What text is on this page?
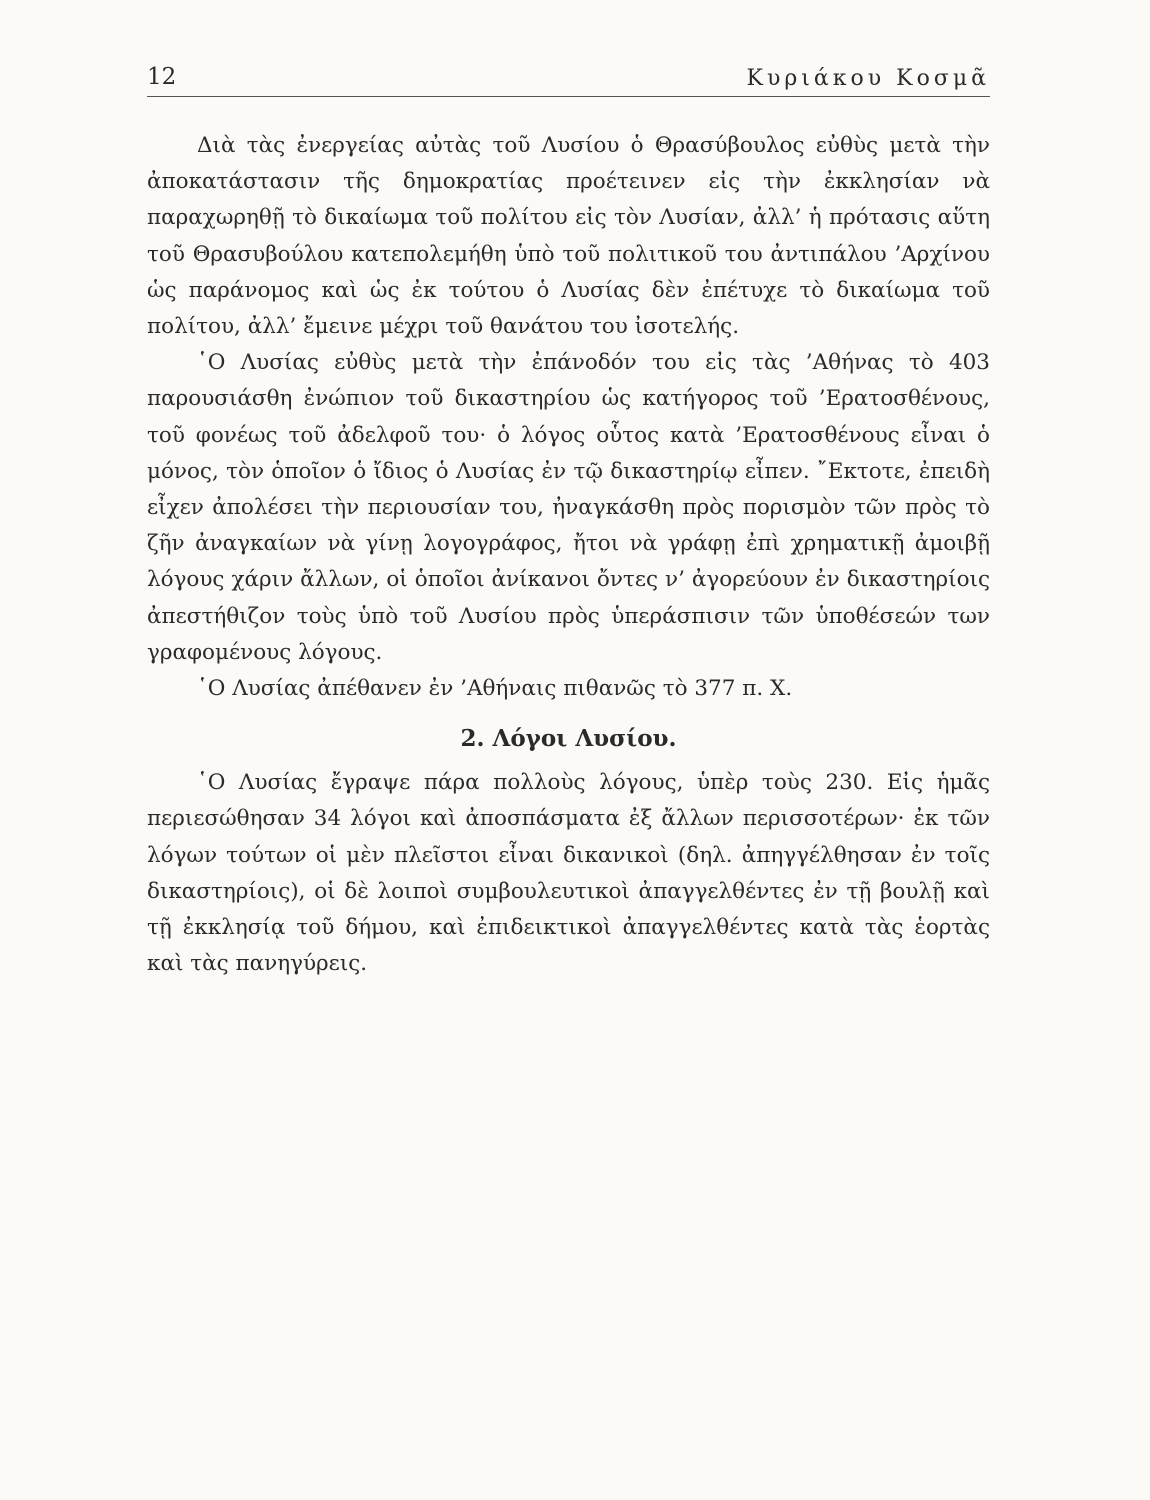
12	Κυριάκου Κοσμᾶ

Διὰ τὰς ἐνεργείας αὐτὰς τοῦ Λυσίου ὁ Θρασύβουλος εὐθὺς μετὰ τὴν ἀποκατάστασιν τῆς δημοκρατίας προέτεινεν εἰς τὴν ἐκκλησίαν νὰ παραχωρηθῇ τὸ δικαίωμα τοῦ πολίτου εἰς τὸν Λυσίαν, ἀλλ’ ἡ πρότασις αὕτη τοῦ Θρασυβούλου κατεπολεμήθη ὑπὸ τοῦ πολιτικοῦ του ἀντιπάλου ’Αρχίνου ὡς παράνομος καὶ ὡς ἐκ τούτου ὁ Λυσίας δὲν ἐπέτυχε τὸ δικαίωμα τοῦ πολίτου, ἀλλ’ ἔμεινε μέχρι τοῦ θανάτου του ἰσοτελής.

῾Ο Λυσίας εὐθὺς μετὰ τὴν ἐπάνοδόν του εἰς τὰς ’Αθήνας τὸ 403 παρουσιάσθη ἐνώπιον τοῦ δικαστηρίου ὡς κατήγορος τοῦ ’Ερατοσθένους, τοῦ φονέως τοῦ ἀδελφοῦ του· ὁ λόγος οὗτος κατὰ ’Ερατοσθένους εἶναι ὁ μόνος, τὸν ὁποῖον ὁ ἴδιος ὁ Λυσίας ἐν τῷ δικαστηρίῳ εἶπεν. ῎Εκτοτε, ἐπειδὴ εἶχεν ἀπολέσει τὴν περιουσίαν του, ἠναγκάσθη πρὸς πορισμὸν τῶν πρὸς τὸ ζῆν ἀναγκαίων νὰ γίνῃ λογογράφος, ἤτοι νὰ γράφῃ ἐπὶ χρηματικῇ ἀμοιβῇ λόγους χάριν ἄλλων, οἱ ὁποῖοι ἀνίκανοι ὄντες ν’ ἀγορεύουν ἐν δικαστηρίοις ἀπεστήθιζον τοὺς ὑπὸ τοῦ Λυσίου πρὸς ὑπεράσπισιν τῶν ὑποθέσεών των γραφομένους λόγους.

῾Ο Λυσίας ἀπέθανεν ἐν ’Αθήναις πιθανῶς τὸ 377 π. Χ.

2. Λόγοι Λυσίου.

῾Ο Λυσίας ἔγραψε πάρα πολλοὺς λόγους, ὑπὲρ τοὺς 230. Εἰς ἡμᾶς περιεσώθησαν 34 λόγοι καὶ ἀποσπάσματα ἐξ ἄλλων περισσοτέρων· ἐκ τῶν λόγων τούτων οἱ μὲν πλεῖστοι εἶναι δικανικοὶ (δηλ. ἀπηγγέλθησαν ἐν τοῖς δικαστηρίοις), οἱ δὲ λοιποὶ συμβουλευτικοὶ ἀπαγγελθέντες ἐν τῇ βουλῇ καὶ τῇ ἐκκλησίᾳ τοῦ δήμου, καὶ ἐπιδεικτικοὶ ἀπαγγελθέντες κατὰ τὰς ἑορτὰς καὶ τὰς πανηγύρεις.
